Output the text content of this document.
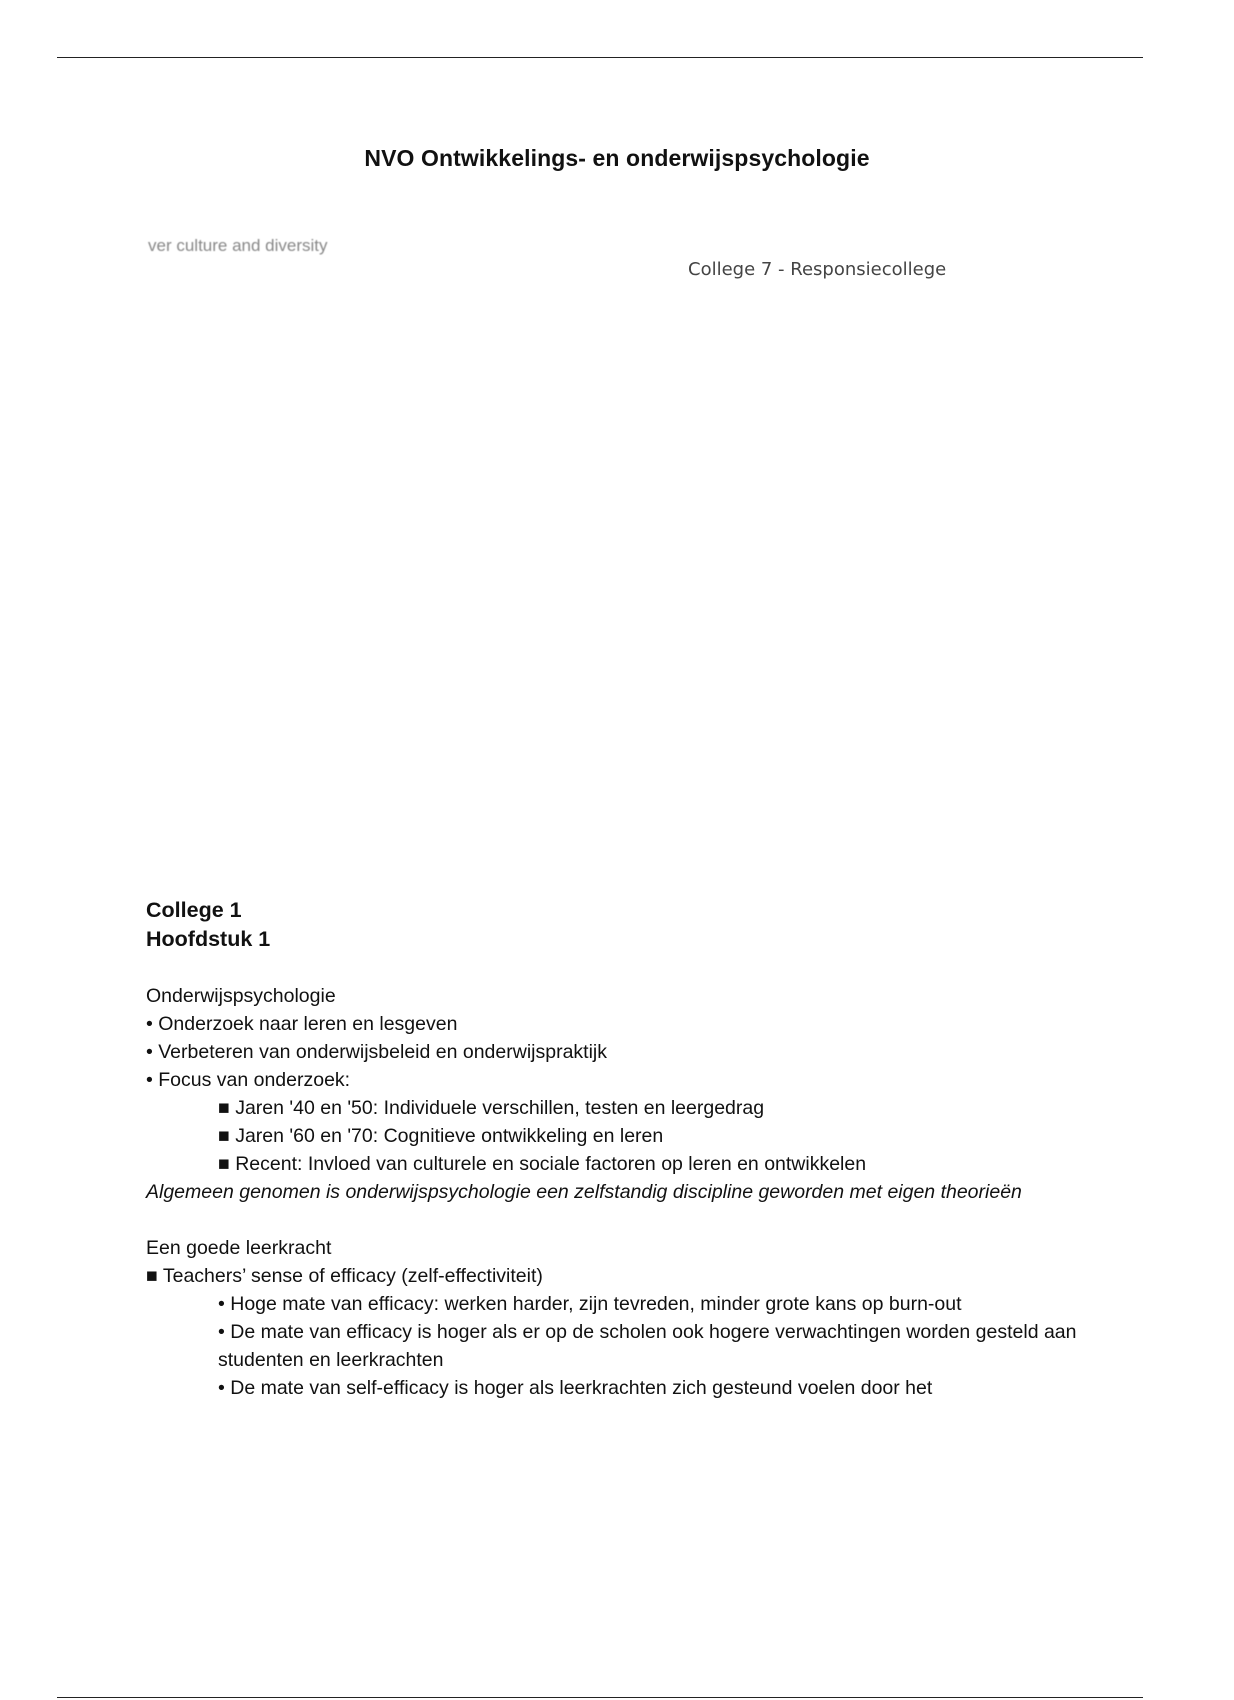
NVO Ontwikkelings- en onderwijspsychologie
ver culture and diversity
College 7 - Responsiecollege
College 1
Hoofdstuk 1

Onderwijspsychologie

• Onderzoek naar leren en lesgeven

• Verbeteren van onderwijsbeleid en onderwijspraktijk

• Focus van onderzoek:

■ Jaren '40 en '50: Individuele verschillen, testen en leergedrag

■ Jaren '60 en '70: Cognitieve ontwikkeling en leren

■ Recent: Invloed van culturele en sociale factoren op leren en ontwikkelen

Algemeen genomen is onderwijspsychologie een zelfstandig discipline geworden met eigen theorieën

Een goede leerkracht

■ Teachers’ sense of efficacy (zelf-effectiviteit)

• Hoge mate van efficacy: werken harder, zijn tevreden, minder grote kans op burn-out

• De mate van efficacy is hoger als er op de scholen ook hogere verwachtingen worden gesteld aan studenten en leerkrachten

• De mate van self-efficacy is hoger als leerkrachten zich gesteund voelen door het
